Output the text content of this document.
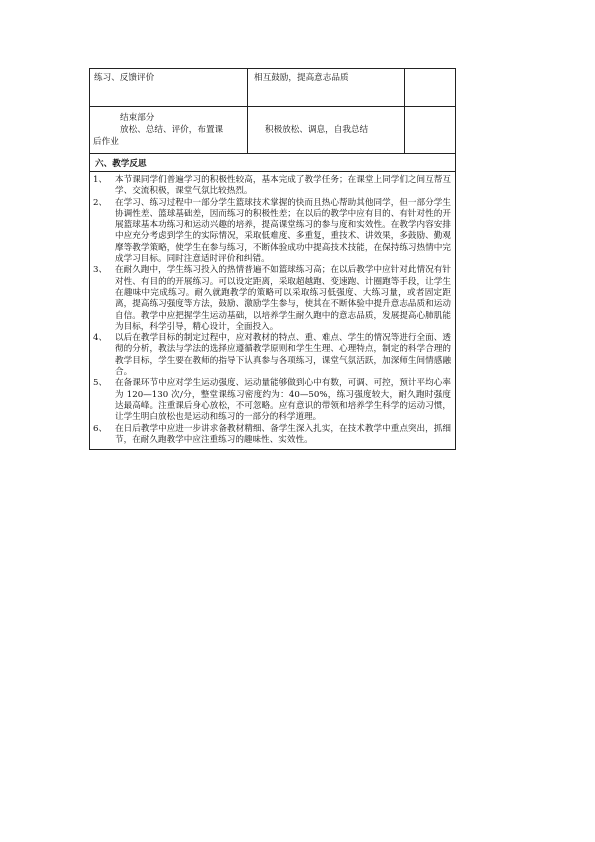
练习、反馈评价	相互鼓励，提高意志品质
结束部分
放松、总结、评价，布置课
后作业
积极放松、调息，自我总结
六、教学反思
1、 本节课同学们普遍学习的积极性较高，基本完成了教学任务；在课堂上同学们之间互帮互学、交流积极，课堂气氛比较热烈。
2、 在学习、练习过程中一部分学生篮球技术掌握的快而且热心帮助其他同学，但一部分学生协调性差、篮球基础差，因而练习的积极性差；在以后的教学中应有目的、有针对性的开展篮球基本功练习和运动兴趣的培养，提高课堂练习的参与度和实效性。在教学内容安排中应充分考虑到学生的实际情况，采取低难度、多重复，重技术、讲效果，多鼓励、勤观摩等教学策略，使学生在参与练习，不断体验成功中提高技术技能，在保持练习热情中完成学习目标。同时注意适时评价和纠错。
3、 在耐久跑中，学生练习投入的热情普遍不如篮球练习高；在以后教学中应针对此情况有针对性、有目的的开展练习。可以设定距离，采取超越跑、变速跑、计圈跑等手段，让学生在趣味中完成练习。耐久就跑教学的策略可以采取练习低强度、大练习量，或者固定距离，提高练习强度等方法，鼓励、激励学生参与，使其在不断体验中提升意志品质和运动自信。教学中应把握学生运动基础，以培养学生耐久跑中的意志品质，发展提高心肺肌能为目标，科学引导，精心设计，全面投入。
4、 以后在教学目标的制定过程中，应对教材的特点、重、难点、学生的情况等进行全面、透彻的分析，教法与学法的选择应遵循教学原则和学生生理、心理特点，制定的科学合理的教学目标，学生要在教师的指导下认真参与各项练习，课堂气氛活跃，加深师生间情感融合。
5、 在备课环节中应对学生运动强度、运动量能够做到心中有数，可调、可控，预计平均心率为 120—130 次/分，整堂课练习密度约为：40—50%，练习强度较大，耐久跑时强度达最高峰。注重课后身心放松，不可忽略。应有意识的带领和培养学生科学的运动习惯，让学生明白放松也是运动和练习的一部分的科学道理。
6、 在日后教学中应进一步讲求备教材精细、备学生深入扎实，在技术教学中重点突出，抓细节，在耐久跑教学中应注重练习的趣味性、实效性。
